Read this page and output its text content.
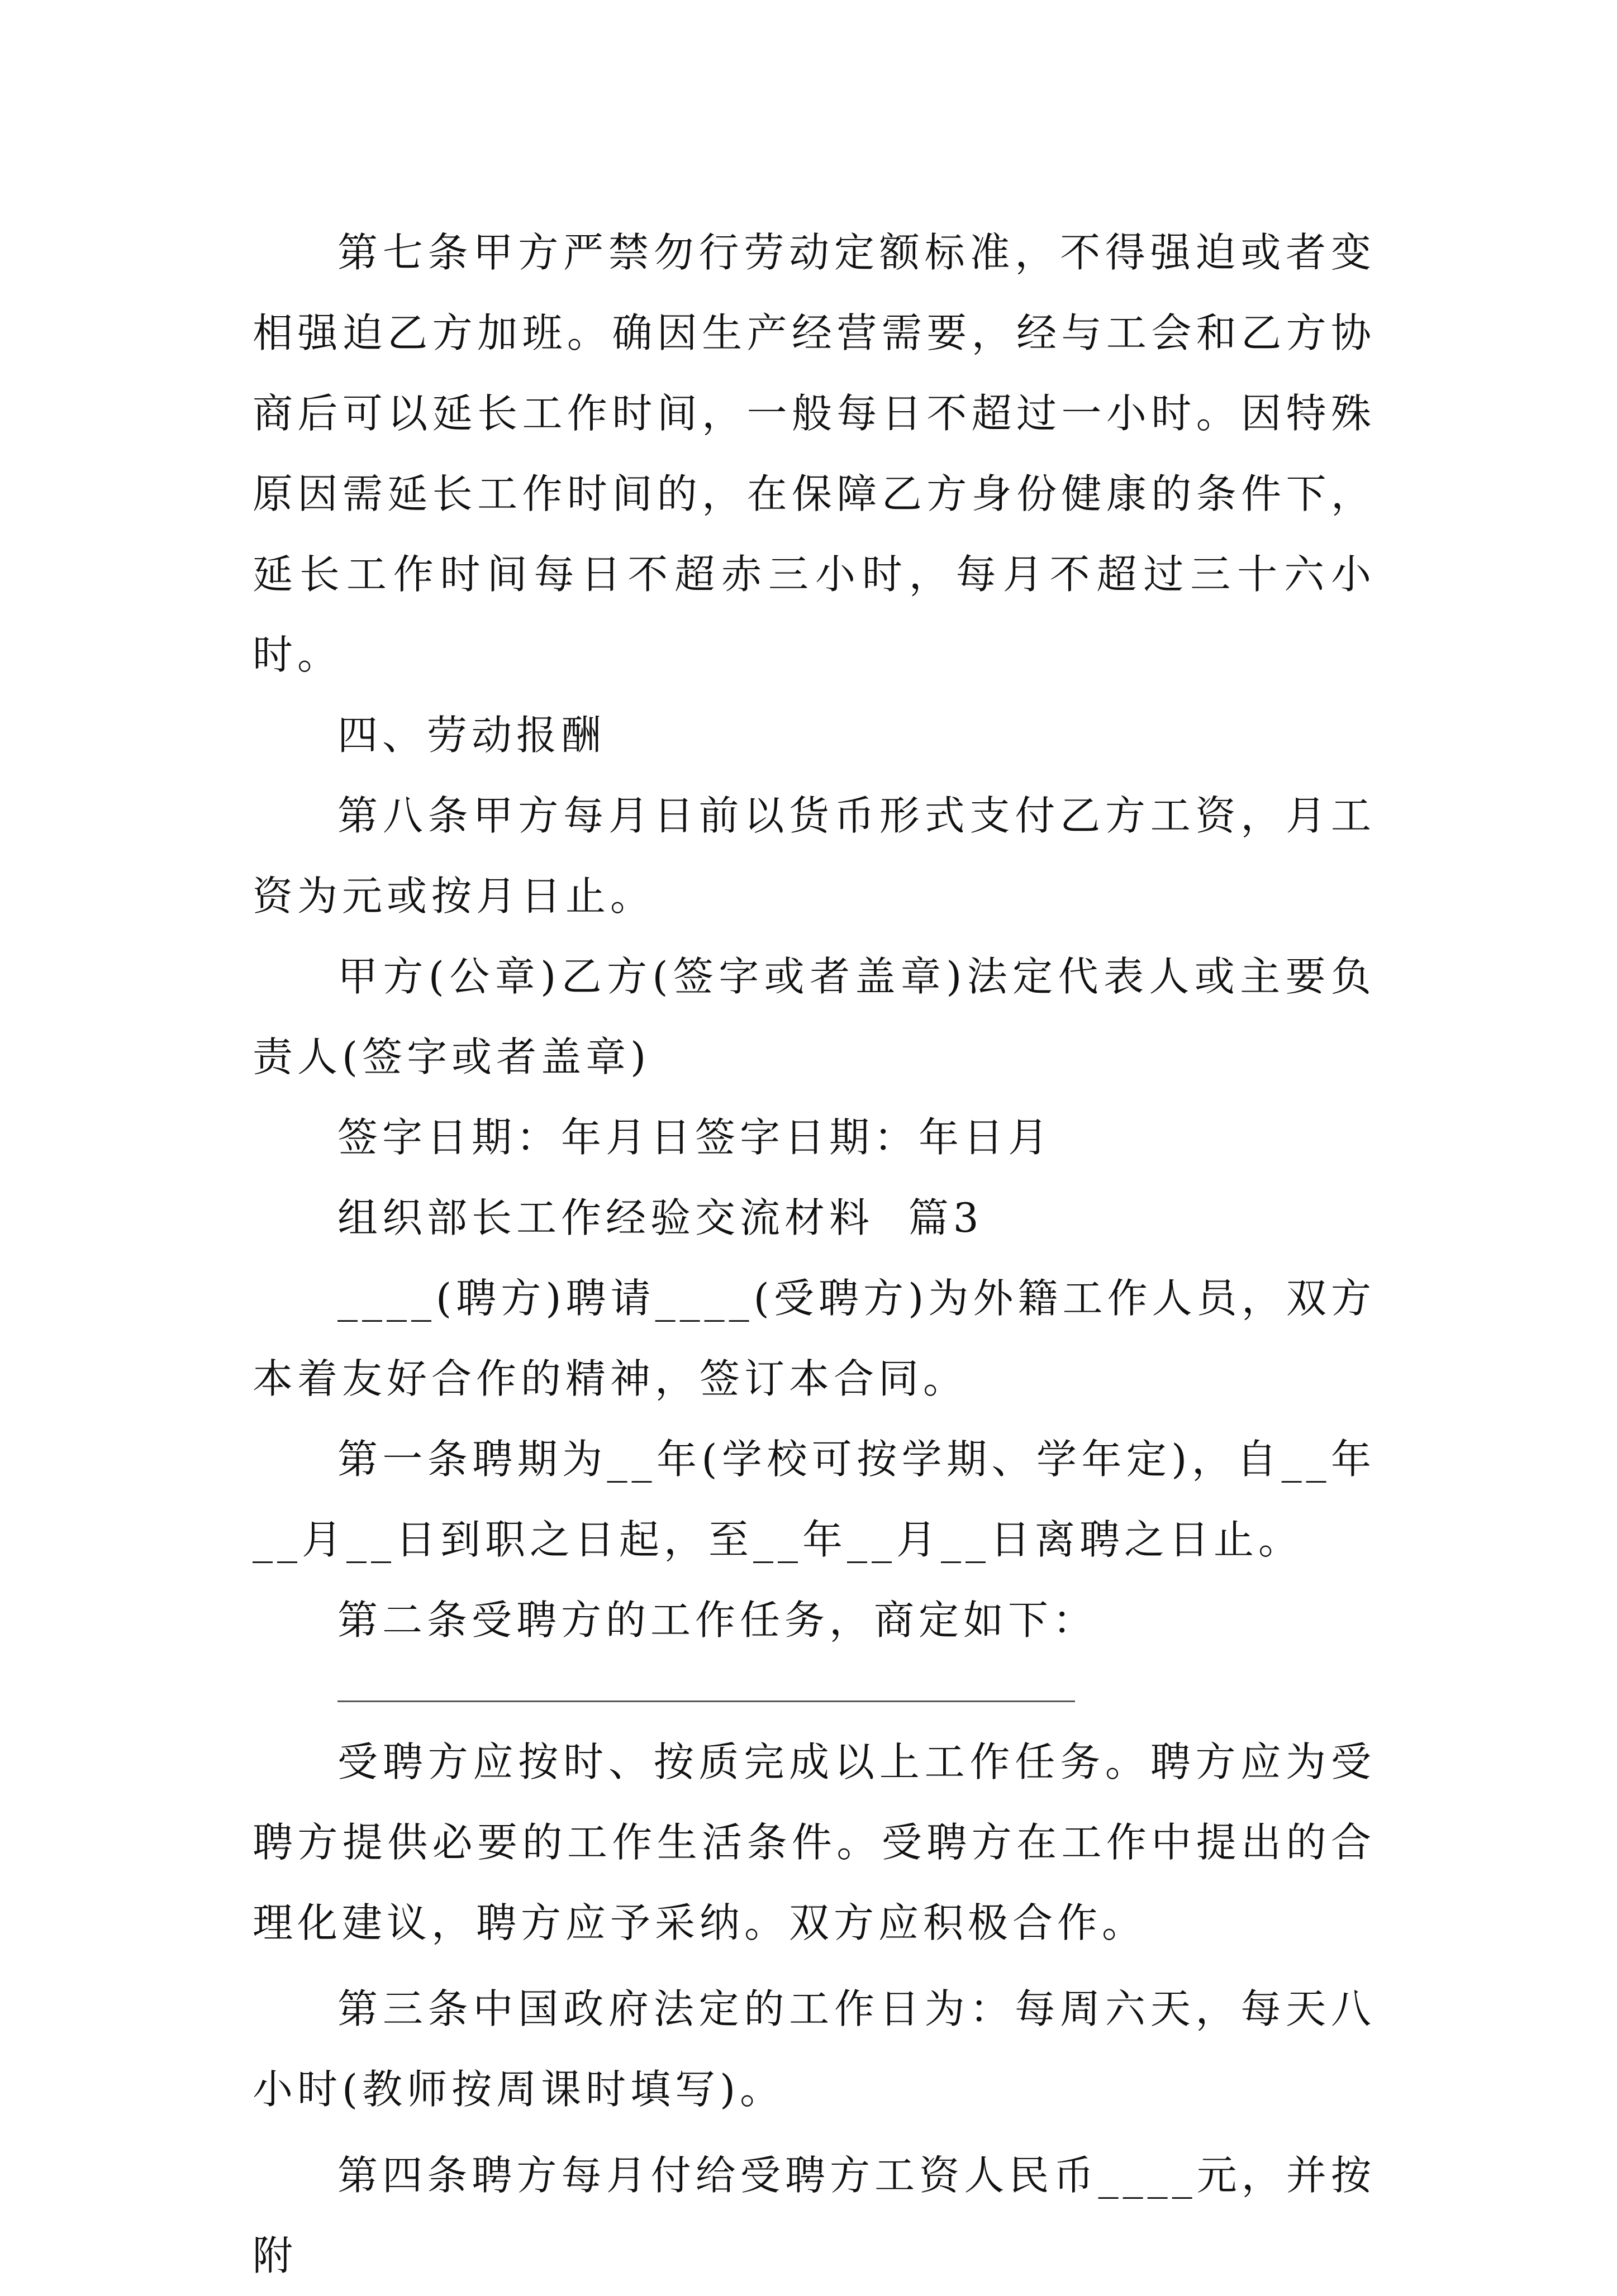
第七条甲方严禁勿行劳动定额标准，不得强迫或者变相强迫乙方加班。确因生产经营需要，经与工会和乙方协商后可以延长工作时间，一般每日不超过一小时。因特殊原因需延长工作时间的，在保障乙方身份健康的条件下，延长工作时间每日不超赤三小时，每月不超过三十六小时。

四、劳动报酬

第八条甲方每月日前以货币形式支付乙方工资，月工资为元或按月日止。

甲方(公章)乙方(签字或者盖章)法定代表人或主要负责人(签字或者盖章)

签字日期：年月日签字日期：年日月

组织部长工作经验交流材料  篇3

____(聘方)聘请____(受聘方)为外籍工作人员，双方本着友好合作的精神，签订本合同。

第一条聘期为__年(学校可按学期、学年定)，自__年__月__日到职之日起，至__年__月__日离聘之日止。

第二条受聘方的工作任务，商定如下：

受聘方应按时、按质完成以上工作任务。聘方应为受聘方提供必要的工作生活条件。受聘方在工作中提出的合理化建议，聘方应予采纳。双方应积极合作。

第三条中国政府法定的工作日为：每周六天，每天八小时(教师按周课时填写)。

第四条聘方每月付给受聘方工资人民币____元，并按附
